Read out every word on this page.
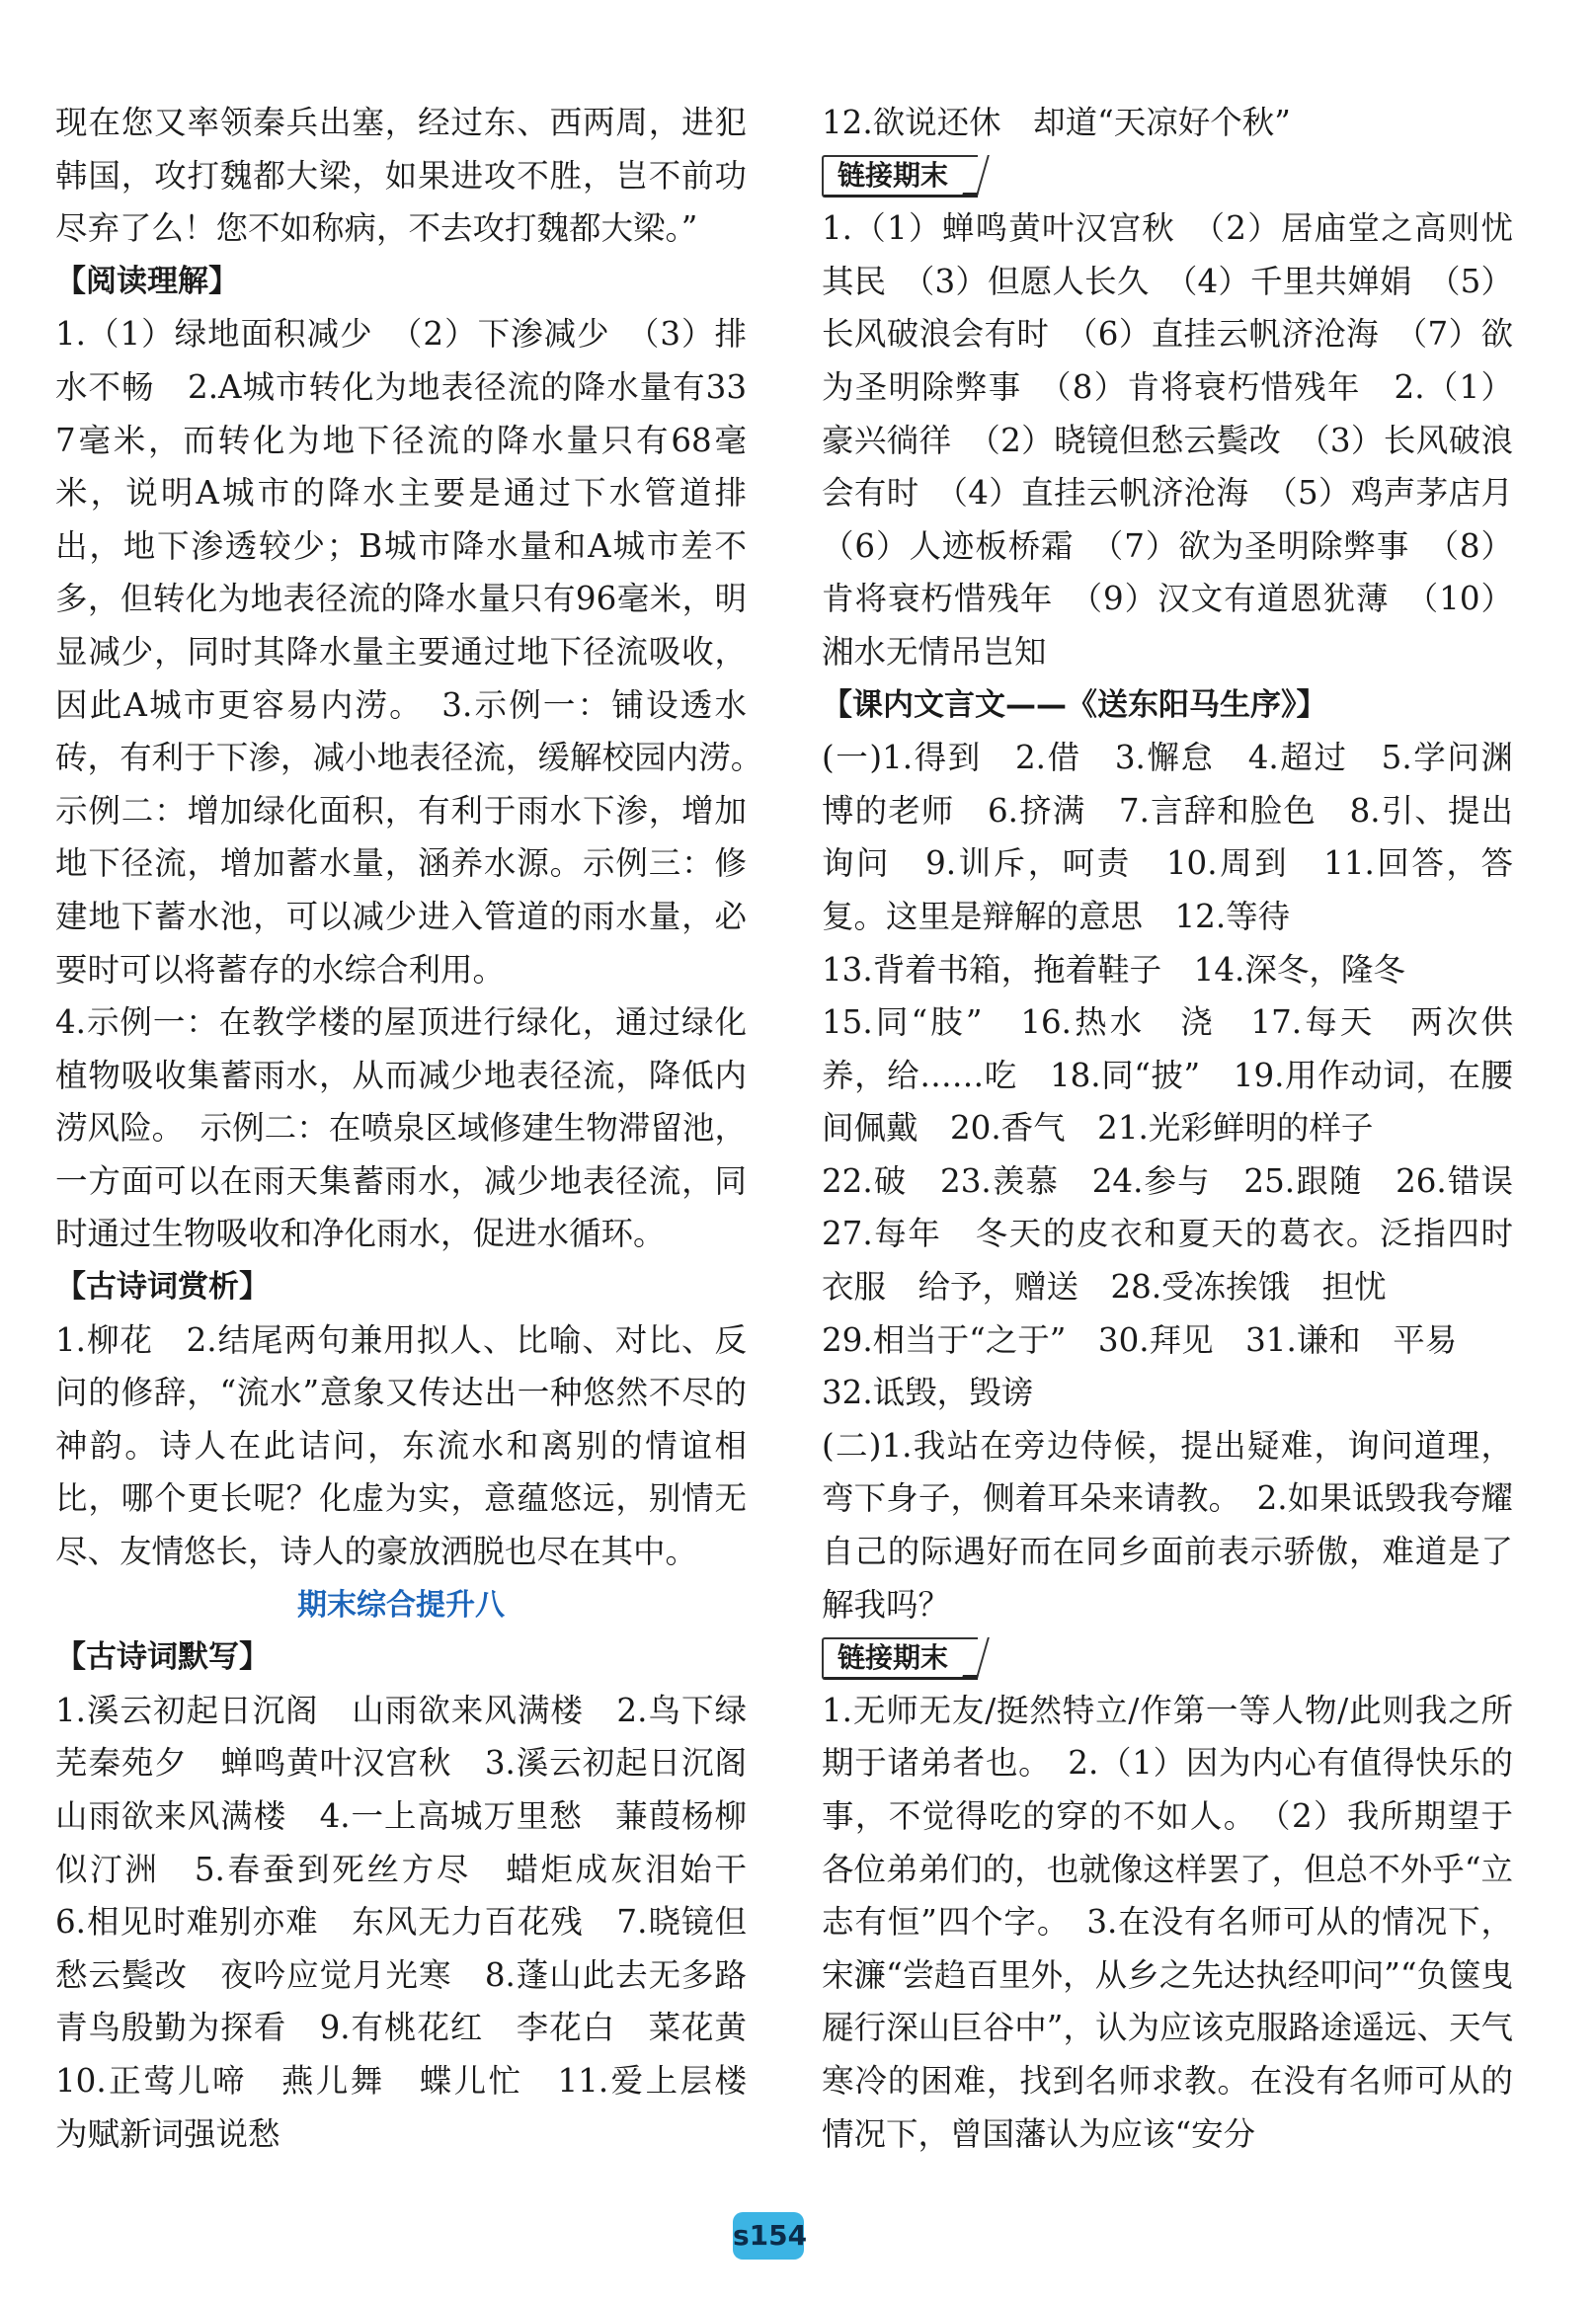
现在您又率领秦兵出塞，经过东、西两周，进犯韩国，攻打魏都大梁，如果进攻不胜，岂不前功尽弃了么！您不如称病，不去攻打魏都大梁。”

【阅读理解】

1.（1）绿地面积减少　（2）下渗减少　（3）排水不畅　2.A城市转化为地表径流的降水量有337毫米，而转化为地下径流的降水量只有68毫米，说明A城市的降水主要是通过下水管道排出，地下渗透较少；B城市降水量和A城市差不多，但转化为地表径流的降水量只有96毫米，明显减少，同时其降水量主要通过地下径流吸收，因此A城市更容易内涝。　3.示例一：铺设透水砖，有利于下渗，减小地表径流，缓解校园内涝。　示例二：增加绿化面积，有利于雨水下渗，增加地下径流，增加蓄水量，涵养水源。示例三：修建地下蓄水池，可以减少进入管道的雨水量，必要时可以将蓄存的水综合利用。

4.示例一：在教学楼的屋顶进行绿化，通过绿化植物吸收集蓄雨水，从而减少地表径流，降低内涝风险。　示例二：在喷泉区域修建生物滞留池，一方面可以在雨天集蓄雨水，减少地表径流，同时通过生物吸收和净化雨水，促进水循环。

【古诗词赏析】

1.柳花　2.结尾两句兼用拟人、比喻、对比、反问的修辞，“流水”意象又传达出一种悠然不尽的神韵。诗人在此诘问，东流水和离别的情谊相比，哪个更长呢？化虚为实，意蕴悠远，别情无尽、友情悠长，诗人的豪放洒脱也尽在其中。

期末综合提升八

【古诗词默写】

1.溪云初起日沉阁　山雨欲来风满楼　2.鸟下绿芜秦苑夕　蝉鸣黄叶汉宫秋　3.溪云初起日沉阁　山雨欲来风满楼　4.一上高城万里愁　蒹葭杨柳似汀洲　5.春蚕到死丝方尽　蜡炬成灰泪始干　6.相见时难别亦难　东风无力百花残　7.晓镜但愁云鬓改　夜吟应觉月光寒　8.蓬山此去无多路　青鸟殷勤为探看　9.有桃花红　李花白　菜花黄　10.正莺儿啼　燕儿舞　蝶儿忙　11.爱上层楼　为赋新词强说愁

12.欲说还休　却道“天凉好个秋”

链接期末

1.（1）蝉鸣黄叶汉宫秋　（2）居庙堂之高则忧其民　（3）但愿人长久　（4）千里共婵娟　（5）长风破浪会有时　（6）直挂云帆济沧海　（7）欲为圣明除弊事　（8）肯将衰朽惜残年　2.（1）豪兴徜徉　（2）晓镜但愁云鬓改　（3）长风破浪会有时　（4）直挂云帆济沧海　（5）鸡声茅店月　（6）人迹板桥霜　（7）欲为圣明除弊事　（8）肯将衰朽惜残年　（9）汉文有道恩犹薄　（10）湘水无情吊岂知

【课内文言文——《送东阳马生序》】

(一)1.得到　2.借　3.懈怠　4.超过　5.学问渊博的老师　6.挤满　7.言辞和脸色　8.引、提出　询问　9.训斥，呵责　10.周到　11.回答，答复。这里是辩解的意思　12.等待

13.背着书箱，拖着鞋子　14.深冬，隆冬

15.同“肢”　16.热水　浇　17.每天　两次供养，给……吃　18.同“披”　19.用作动词，在腰间佩戴　20.香气　21.光彩鲜明的样子

22.破　23.羡慕　24.参与　25.跟随　26.错误　27.每年　冬天的皮衣和夏天的葛衣。泛指四时衣服　给予，赠送　28.受冻挨饿　担忧

29.相当于“之于”　30.拜见　31.谦和　平易

32.诋毁，毁谤

(二)1.我站在旁边侍候，提出疑难，询问道理，弯下身子，侧着耳朵来请教。　2.如果诋毁我夸耀自己的际遇好而在同乡面前表示骄傲，难道是了解我吗？

链接期末

1.无师无友/挺然特立/作第一等人物/此则我之所期于诸弟者也。　2.（1）因为内心有值得快乐的事，不觉得吃的穿的不如人。　（2）我所期望于各位弟弟们的，也就像这样罢了，但总不外乎“立志有恒”四个字。　3.在没有名师可从的情况下，宋濂“尝趋百里外，从乡之先达执经叩问”“负箧曳屣行深山巨谷中”，认为应该克服路途遥远、天气寒冷的困难，找到名师求教。在没有名师可从的情况下，曾国藩认为应该“安分

s154
